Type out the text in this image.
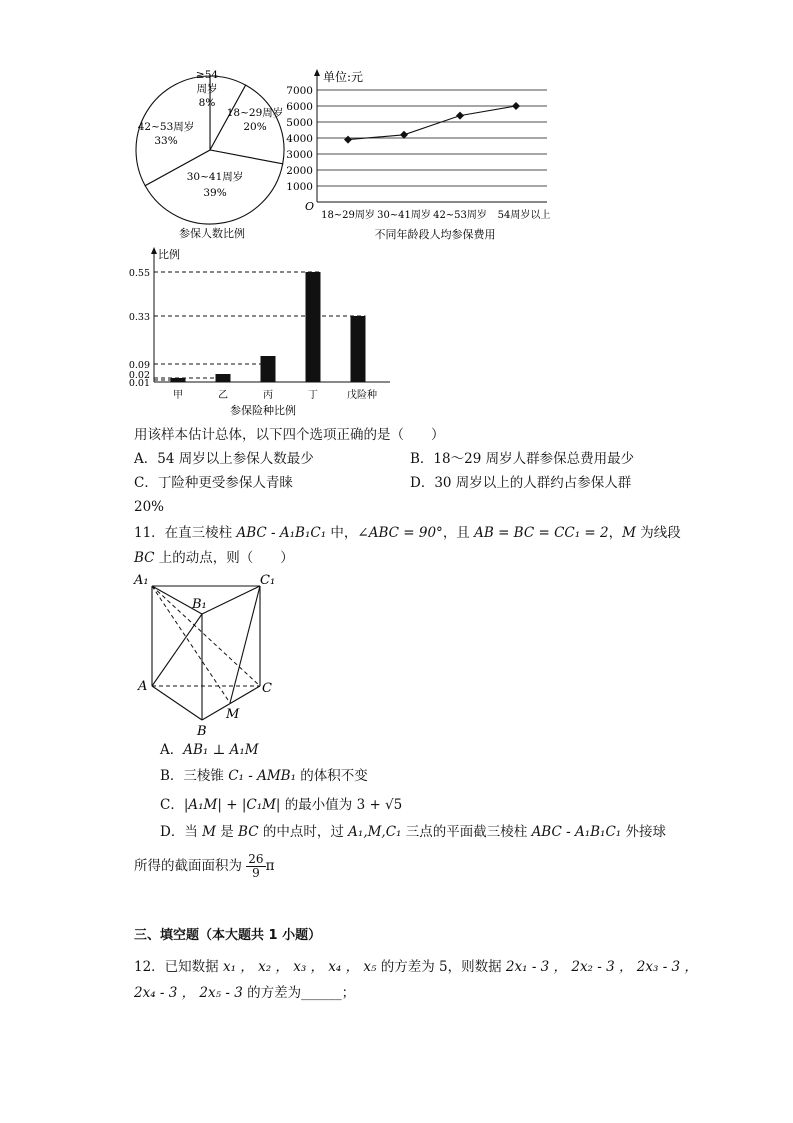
≥54
周岁
8%
18~29周岁
20%
30~41周岁
39%
42~53周岁
33%
参保人数比例
1000
2000
3000
4000
5000
6000
7000
18~29周岁 30~41周岁 42~53周岁 54周岁以上
单位:元
O
不同年龄段人均参保费用
0.01
0.02
0.09
0.33
0.55
甲	乙	丙	丁	戊险种
比例
参保险种比例
用该样本估计总体，以下四个选项正确的是（　　）
A．54 周岁以上参保人数最少	B．18～29 周岁人群参保总费用最少
C．丁险种更受参保人青睐	D．30 周岁以上的人群约占参保人群
20%
11．在直三棱柱 ABC - A₁B₁C₁ 中，∠ABC = 90°，且 AB = BC = CC₁ = 2，M 为线段
BC 上的动点，则（　　）
A₁
B₁
C₁
A
B
C
M
A．AB₁ ⊥ A₁M
B．三棱锥 C₁ - AMB₁ 的体积不变
C．|A₁M| + |C₁M| 的最小值为 3 + √5
D．当 M 是 BC 的中点时，过 A₁,M,C₁ 三点的平面截三棱柱 ABC - A₁B₁C₁ 外接球
所得的截面面积为 $\frac{26}{9}$ π
三、填空题（本大题共 1 小题）
12．已知数据 x₁ ， x₂ ， x₃ ， x₄ ， x₅ 的方差为 5，则数据 2x₁ - 3 ， 2x₂ - 3 ， 2x₃ - 3 ，
2x₄ - 3 ， 2x₅ - 3 的方差为______；
